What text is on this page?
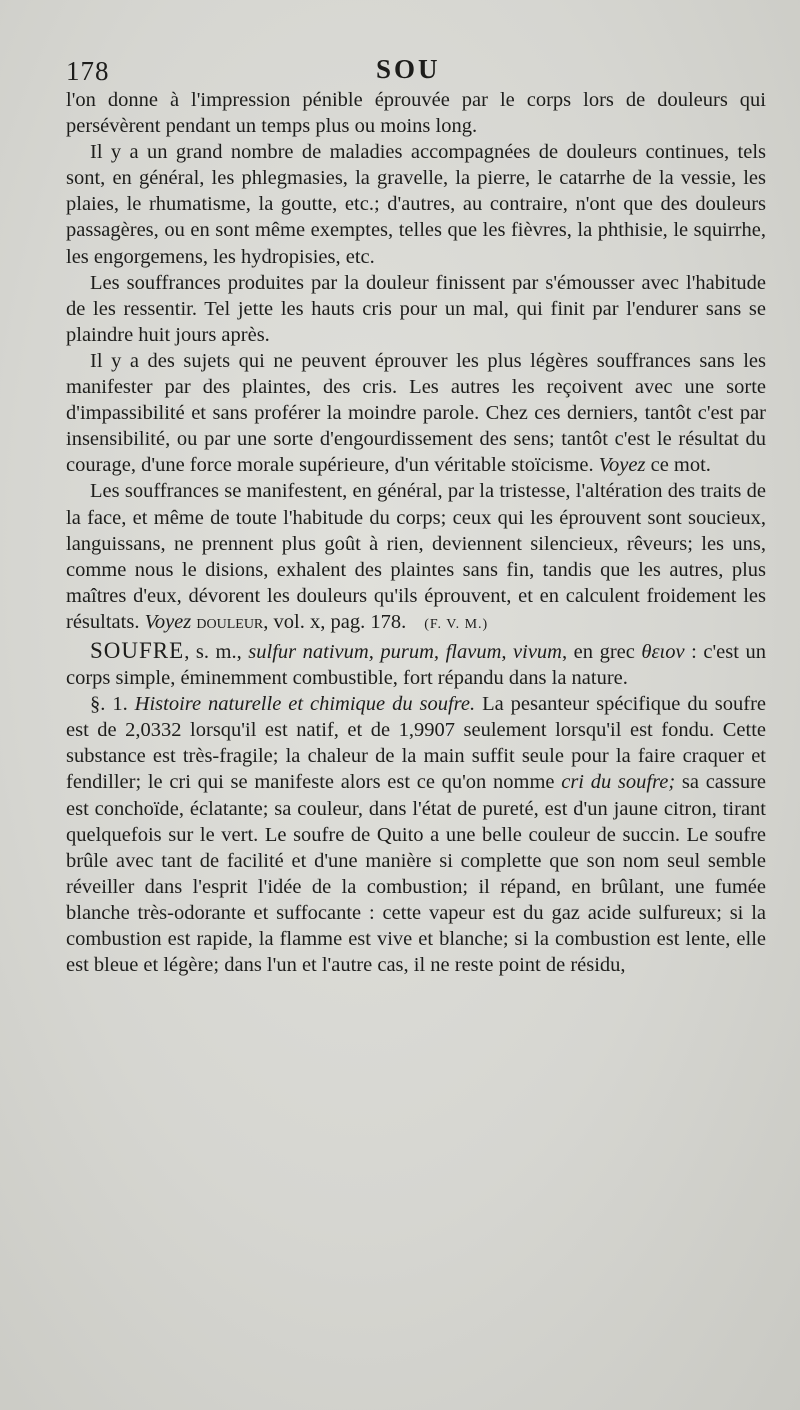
178	SOU

l'on donne à l'impression pénible éprouvée par le corps lors de douleurs qui persévèrent pendant un temps plus ou moins long.

Il y a un grand nombre de maladies accompagnées de douleurs continues, tels sont, en général, les phlegmasies, la gravelle, la pierre, le catarrhe de la vessie, les plaies, le rhumatisme, la goutte, etc.; d'autres, au contraire, n'ont que des douleurs passagères, ou en sont même exemptes, telles que les fièvres, la phthisie, le squirrhe, les engorgemens, les hydropisies, etc.

Les souffrances produites par la douleur finissent par s'émousser avec l'habitude de les ressentir. Tel jette les hauts cris pour un mal, qui finit par l'endurer sans se plaindre huit jours après.

Il y a des sujets qui ne peuvent éprouver les plus légères souffrances sans les manifester par des plaintes, des cris. Les autres les reçoivent avec une sorte d'impassibilité et sans proférer la moindre parole. Chez ces derniers, tantôt c'est par insensibilité, ou par une sorte d'engourdissement des sens; tantôt c'est le résultat du courage, d'une force morale supérieure, d'un véritable stoïcisme. Voyez ce mot.

Les souffrances se manifestent, en général, par la tristesse, l'altération des traits de la face, et même de toute l'habitude du corps; ceux qui les éprouvent sont soucieux, languissans, ne prennent plus goût à rien, deviennent silencieux, rêveurs; les uns, comme nous le disions, exhalent des plaintes sans fin, tandis que les autres, plus maîtres d'eux, dévorent les douleurs qu'ils éprouvent, et en calculent froidement les résultats. Voyez douleur, vol. x, pag. 178. (F. V. M.)

SOUFRE, s. m., sulfur nativum, purum, flavum, vivum, en grec θειον : c'est un corps simple, éminemment combustible, fort répandu dans la nature.

§. 1. Histoire naturelle et chimique du soufre. La pesanteur spécifique du soufre est de 2,0332 lorsqu'il est natif, et de 1,9907 seulement lorsqu'il est fondu. Cette substance est très-fragile; la chaleur de la main suffit seule pour la faire craquer et fendiller; le cri qui se manifeste alors est ce qu'on nomme cri du soufre; sa cassure est conchoïde, éclatante; sa couleur, dans l'état de pureté, est d'un jaune citron, tirant quelquefois sur le vert. Le soufre de Quito a une belle couleur de succin. Le soufre brûle avec tant de facilité et d'une manière si complette que son nom seul semble réveiller dans l'esprit l'idée de la combustion; il répand, en brûlant, une fumée blanche très-odorante et suffocante : cette vapeur est du gaz acide sulfureux; si la combustion est rapide, la flamme est vive et blanche; si la combustion est lente, elle est bleue et légère; dans l'un et l'autre cas, il ne reste point de résidu,
